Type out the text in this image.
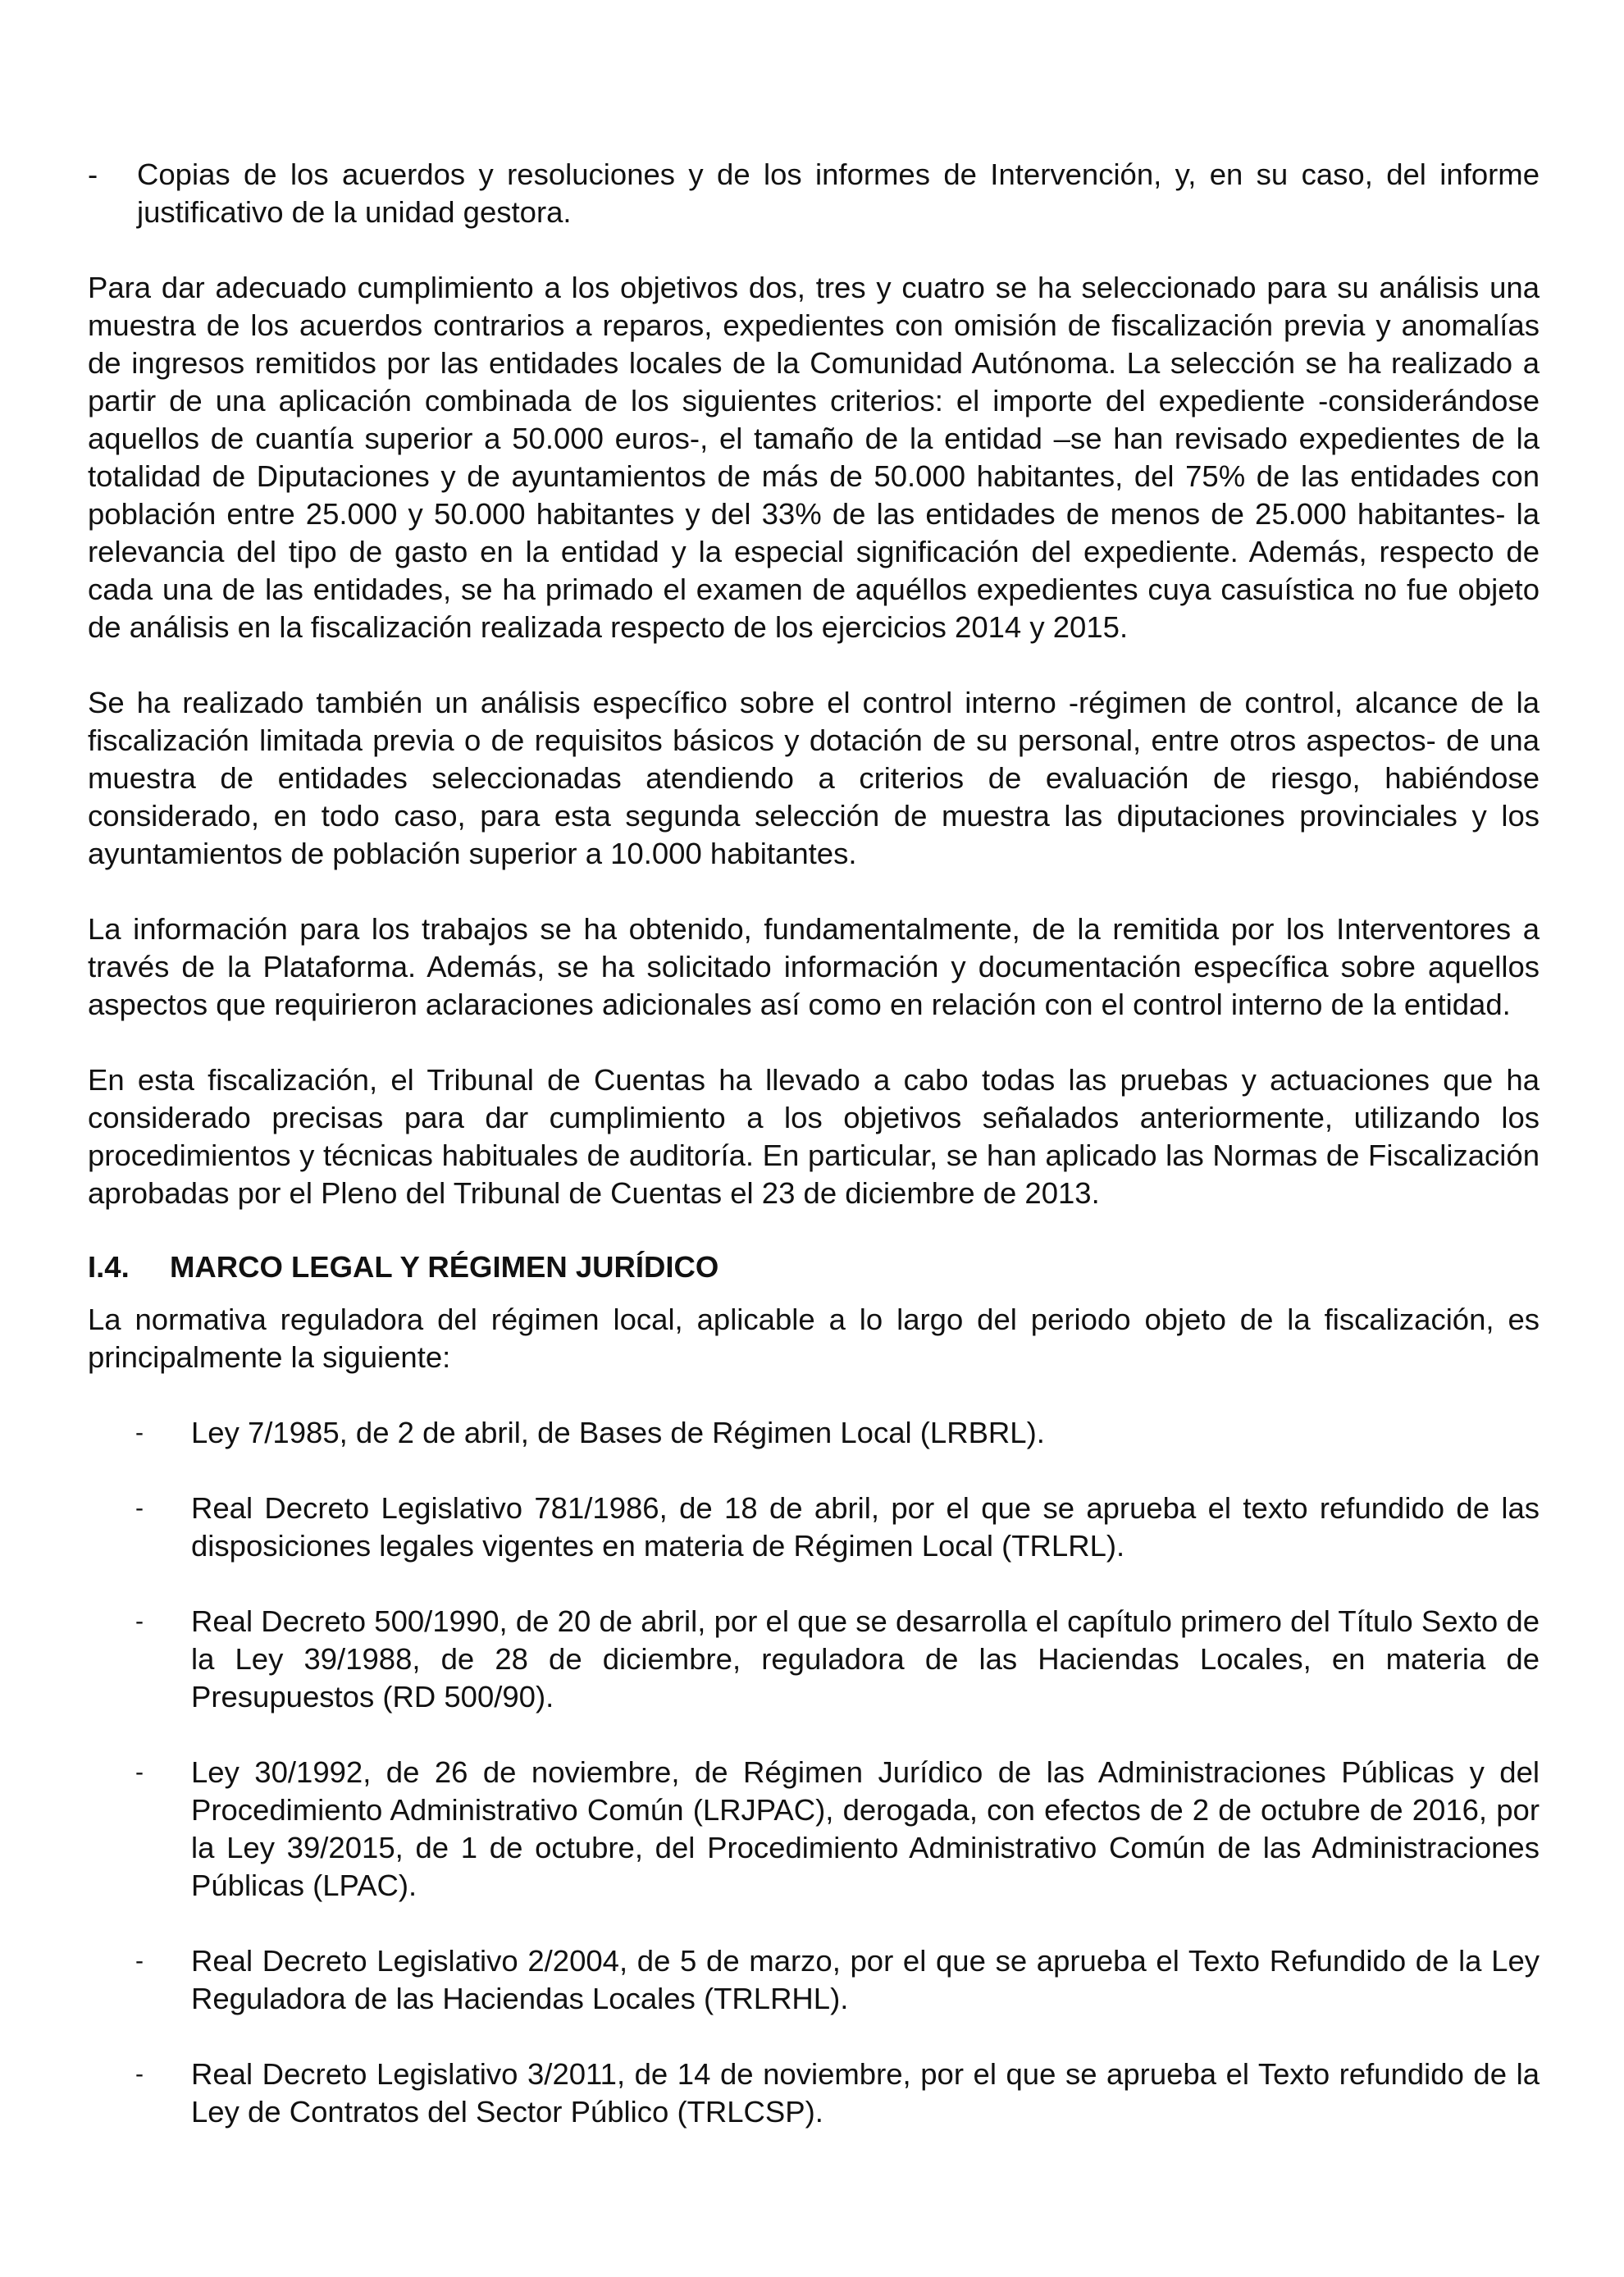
-	Copias de los acuerdos y resoluciones y de los informes de Intervención, y, en su caso, del informe justificativo de la unidad gestora.

Para dar adecuado cumplimiento a los objetivos dos, tres y cuatro se ha seleccionado para su análisis una muestra de los acuerdos contrarios a reparos, expedientes con omisión de fiscalización previa y anomalías de ingresos remitidos por las entidades locales de la Comunidad Autónoma. La selección se ha realizado a partir de una aplicación combinada de los siguientes criterios: el importe del expediente -considerándose aquellos de cuantía superior a 50.000 euros-, el tamaño de la entidad –se han revisado expedientes de la totalidad de Diputaciones y de ayuntamientos de más de 50.000 habitantes, del 75% de las entidades con población entre 25.000 y 50.000 habitantes y del 33% de las entidades de menos de 25.000 habitantes- la relevancia del tipo de gasto en la entidad y la especial significación del expediente. Además, respecto de cada una de las entidades, se ha primado el examen de aquéllos expedientes cuya casuística no fue objeto de análisis en la fiscalización realizada respecto de los ejercicios 2014 y 2015.

Se ha realizado también un análisis específico sobre el control interno -régimen de control, alcance de la fiscalización limitada previa o de requisitos básicos y dotación de su personal, entre otros aspectos- de una muestra de entidades seleccionadas atendiendo a criterios de evaluación de riesgo, habiéndose considerado, en todo caso, para esta segunda selección de muestra las diputaciones provinciales y los ayuntamientos de población superior a 10.000 habitantes.

La información para los trabajos se ha obtenido, fundamentalmente, de la remitida por los Interventores a través de la Plataforma. Además, se ha solicitado información y documentación específica sobre aquellos aspectos que requirieron aclaraciones adicionales así como en relación con el control interno de la entidad.

En esta fiscalización, el Tribunal de Cuentas ha llevado a cabo todas las pruebas y actuaciones que ha considerado precisas para dar cumplimiento a los objetivos señalados anteriormente, utilizando los procedimientos y técnicas habituales de auditoría. En particular, se han aplicado las Normas de Fiscalización aprobadas por el Pleno del Tribunal de Cuentas el 23 de diciembre de 2013.

I.4.	MARCO LEGAL Y RÉGIMEN JURÍDICO

La normativa reguladora del régimen local, aplicable a lo largo del periodo objeto de la fiscalización, es principalmente la siguiente:

-	Ley 7/1985, de 2 de abril, de Bases de Régimen Local (LRBRL).

-	Real Decreto Legislativo 781/1986, de 18 de abril, por el que se aprueba el texto refundido de las disposiciones legales vigentes en materia de Régimen Local (TRLRL).

-	Real Decreto 500/1990, de 20 de abril, por el que se desarrolla el capítulo primero del Título Sexto de la Ley 39/1988, de 28 de diciembre, reguladora de las Haciendas Locales, en materia de Presupuestos (RD 500/90).

-	Ley 30/1992, de 26 de noviembre, de Régimen Jurídico de las Administraciones Públicas y del Procedimiento Administrativo Común (LRJPAC), derogada, con efectos de 2 de octubre de 2016, por la Ley 39/2015, de 1 de octubre, del Procedimiento Administrativo Común de las Administraciones Públicas (LPAC).

-	Real Decreto Legislativo 2/2004, de 5 de marzo, por el que se aprueba el Texto Refundido de la Ley Reguladora de las Haciendas Locales (TRLRHL).

-	Real Decreto Legislativo 3/2011, de 14 de noviembre, por el que se aprueba el Texto refundido de la Ley de Contratos del Sector Público (TRLCSP).
